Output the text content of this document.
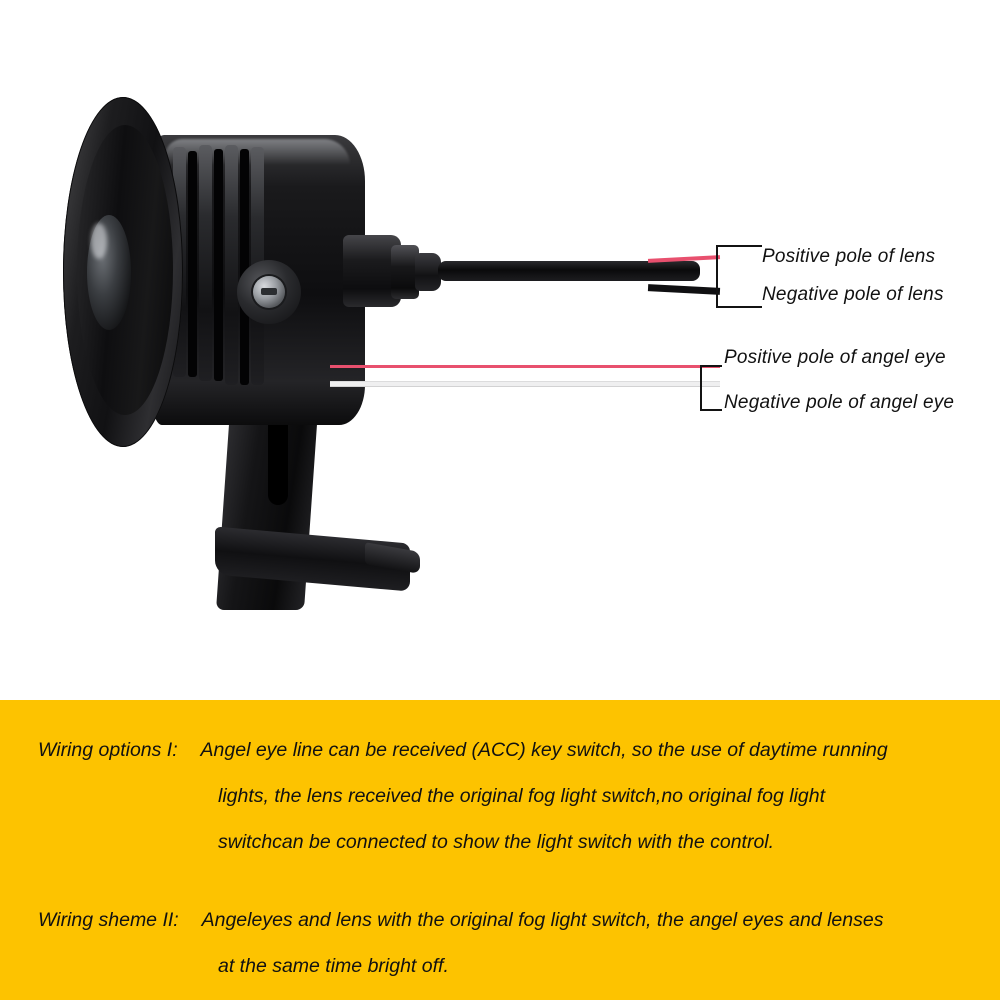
Positive pole of lens
Negative pole of lens
Positive pole of angel eye
Negative pole of angel eye
Wiring options I: Angel eye line can be received (ACC) key switch, so the use of daytime running
lights, the lens received the original fog light switch,no original fog light
switchcan be connected to show the light switch with the control.
Wiring sheme II: Angeleyes and lens with the original fog light switch, the angel eyes and lenses
at the same time bright off.
